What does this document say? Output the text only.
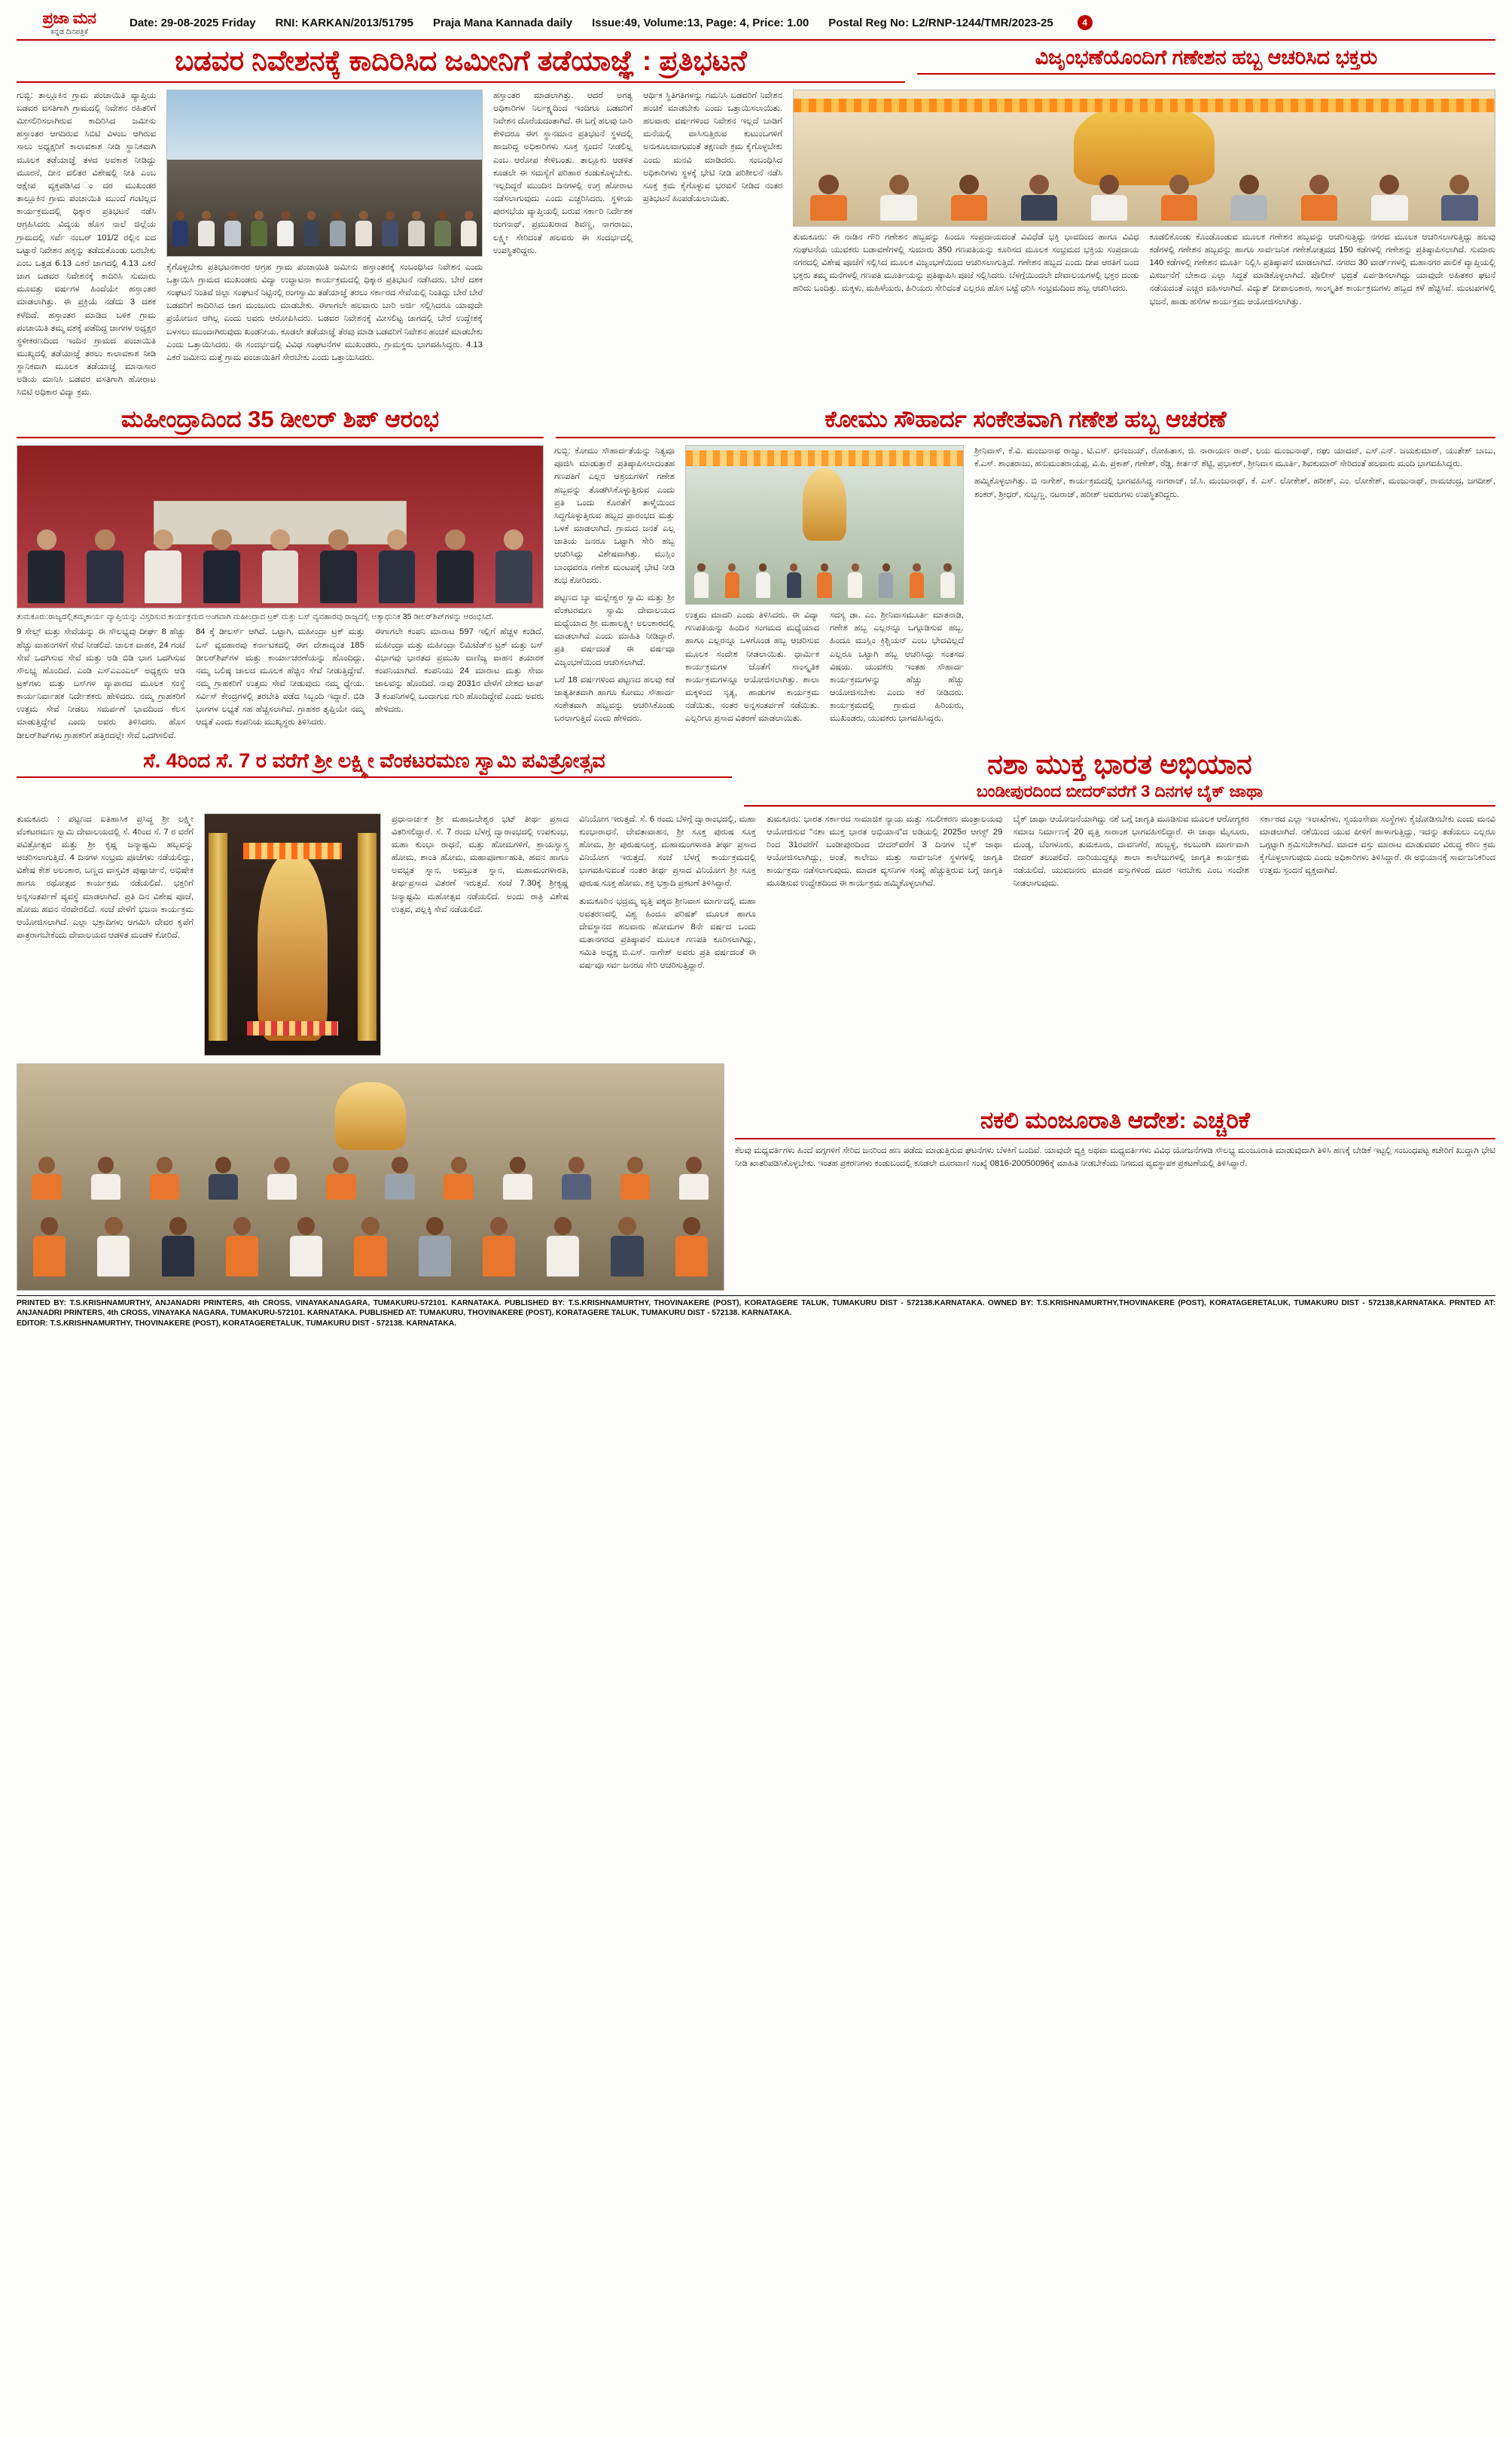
ಪ್ರಜಾ ಮನ
ಕನ್ನಡ ದಿನಪತ್ರಿಕೆ
Date: 29-08-2025 Friday RNI: KARKAN/2013/51795 Praja Mana Kannada daily Issue:49, Volume:13, Page: 4, Price: 1.00 Postal Reg No: L2/RNP-1244/TMR/2023-25	4
ಬಡವರ ನಿವೇಶನಕ್ಕೆ ಕಾದಿರಿಸಿದ ಜಮೀನಿಗೆ ತಡೆಯಾಜ್ಞೆ : ಪ್ರತಿಭಟನೆ	ವಿಜೃಂಭಣೆಯೊಂದಿಗೆ ಗಣೇಶನ ಹಬ್ಬ ಆಚರಿಸಿದ ಭಕ್ತರು
ಗುಬ್ಬಿ: ತಾಲ್ಲೂಕಿನ ಗ್ರಾಮ ಪಂಚಾಯಿತಿ ವ್ಯಾಪ್ತಿಯ ಬಡವರ ವಸತಿಗಾಗಿ ಗ್ರಾಮದಲ್ಲಿ ನಿವೇಶನ ರಹಿತರಿಗೆ ಮೀಸಲಿರಿಸಲಾಗಿರುವ ಕಾದಿರಿಸಿದ ಜಮೀನು ಹಸ್ತಾಂತರ ಆಗದಿರುವ ಸಿಬಿಟಿ ವಿಳಂಬ ಆಗಿರುವ ಸಾಲು ಅಧ್ಯಕ್ಷರಿಗೆ ಕಾಲಾವಕಾಶ ನೀಡಿ ಸ್ಥಾನಿಕವಾಗಿ ಮೂಲಕ ತಡೆಯಾಜ್ಞೆ ತಳದ ಅವಕಾಶ ನೀಡಿದ್ದು ಮೂರನೆ, ದೀನ ದಲಿತರ ವಿಶೇಷಲ್ಲಿ ನೀತಿ ಎಂಬ ಆಕ್ಷೇಪ ವ್ಯಕ್ತಪಡಿಸಿದ ಂದರ ಮುಖಂಡರ ತಾಲ್ಲೂಕಿನ ಗ್ರಾಮ ಪಂಚಾಯಿತಿ ಮುಂದೆ ಗಂಟಿಲ್ಲದ ಕಾರ್ಯಕ್ರಮದಲ್ಲಿ ಧಿಕ್ಕಾರ ಪ್ರತಿಭಟನೆ ನಡೆಸಿ ಆಗ್ರಹಿಸಿದರು ವಿದ್ಯಯ ಹೊಸ ನಾಲೆ ಜಿಲ್ಲೆಯ ಗ್ರಾಮದಲ್ಲಿ ಸರ್ವೆ ನಂಬರ್ 101/2 ರಲ್ಲಿನ ಐದ ಒಟ್ಟಾರೆ ನಿವೇಶನ ಹಕ್ಕನ್ನು ತಡೆದುಕೊಂಡು ಬರಬೇಕು ಎಂಬ ಒತ್ತಡ 6.13 ಎಕರೆ ಜಾಗದಲ್ಲಿ 4.13 ಎಕರೆ ಜಾಗ ಬಡವರ ನಿವೇಶನಕ್ಕೆ ಕಾದಿರಿಸಿ ಸುಮಾರು ಮೂವತ್ತು ವರ್ಷಗಳ ಹಿಂದೆಯೇ ಹಸ್ತಾಂತರ ಮಾಡಲಾಗಿತ್ತು. ಈ ಪ್ರಕ್ರಿಯೆ ನಡೆದು 3 ದಶಕ ಕಳೆದಿದೆ. ಹಸ್ತಾಂತರ ಮಾಡಿದ ಬಳಿಕ ಗ್ರಾಮ ಪಂಚಾಯಿತಿ ತಮ್ಮ ವಶಕ್ಕೆ ಪಡೆದಿದ್ದ ಜಾಗಗಳ ಅಧ್ಯಕ್ಷರ ಸ್ಥಳೀಕರಣದಿಂದ ಇಂದಿನ ಗ್ರಾಮದ ಪಂಚಾಯಿತಿ ಮುಖ್ಯದಲ್ಲಿ ತಡೆಯಾಜ್ಞೆ ತರಲು ಕಾಲಾವಕಾಶ ನೀಡಿ ಸ್ಥಾನಿಕವಾಗಿ ಮೂಲಕ ತಡೆಯಾಜ್ಞೆ ಮಾನಾಸಾರ ಅಡಿಯ ಮಾನಿಸಿ ಬಡವರ ವಸತಿಗಾಗಿ ಹೋರಾಟ ಸಿಬಿಟಿ ಅಧಿಕಾರ ವಿದ್ಯಾ ಕ್ರಮ.
ಕೈಗೊಳ್ಳಬೇಕು ಪ್ರತಿಭಟನಕಾರರ ಆಗ್ರಹ ಗ್ರಾಮ ಪಂಚಾಯಿತಿ ಜಮೀನು ಹಸ್ತಾಂತರಕ್ಕೆ ಸಂಬಂಧಿಸಿದ ನಿವೇಶನ ಎಂದು ಒತ್ತಾಯಿಸಿ ಗ್ರಾಮದ ಮುಖಂಡರು ವಿದ್ಯಾ ಉದ್ದಾಟನಾ ಕಾರ್ಯಕ್ರಮದಲ್ಲಿ ಧಿಕ್ಕಾರ ಪ್ರತಿಭಟನೆ ನಡೆಸಿದರು. ಬೇರೆ ದಶಕ ಸಂಘಟನೆ ನಿಂತಿವೆ ಜಿಲ್ಲಾ ಸಂಘಟನೆ ನಿಟ್ಟಿನಲ್ಲಿ ರಂಗಸ್ವಾಮಿ ತಡೆಯಾಜ್ಞೆ ತರಲು ಸರ್ಕಾರದ ಸೇವೆಯಲ್ಲಿ ನಿಂತಿದ್ದು ಬೇರೆ ಬೇರೆ ಬಡವರಿಗೆ ಕಾದಿರಿಸಿದ ಜಾಗ ಮಂಜೂರು ಮಾಡಬೇಕು. ಈಗಾಗಲೇ ಹಲವಾರು ಬಾರಿ ಅರ್ಜಿ ಸಲ್ಲಿಸಿದರೂ ಯಾವುದೇ ಪ್ರಯೋಜನ ಆಗಿಲ್ಲ ಎಂದು ಅವರು ಆರೋಪಿಸಿದರು. ಬಡವರ ನಿವೇಶನಕ್ಕೆ ಮೀಸಲಿಟ್ಟ ಜಾಗದಲ್ಲಿ ಬೇರೆ ಉದ್ದೇಶಕ್ಕೆ ಬಳಸಲು ಮುಂದಾಗಿರುವುದು ಖಂಡನೀಯ. ಕೂಡಲೇ ತಡೆಯಾಜ್ಞೆ ತೆರವು ಮಾಡಿ ಬಡವರಿಗೆ ನಿವೇಶನ ಹಂಚಿಕೆ ಮಾಡಬೇಕು ಎಂದು ಒತ್ತಾಯಿಸಿದರು. ಈ ಸಂದರ್ಭದಲ್ಲಿ ವಿವಿಧ ಸಂಘಟನೆಗಳ ಮುಖಂಡರು, ಗ್ರಾಮಸ್ಥರು ಭಾಗವಹಿಸಿದ್ದರು. 4.13 ಎಕರೆ ಜಮೀನು ಮತ್ತೆ ಗ್ರಾಮ ಪಂಚಾಯಿತಿಗೆ ಸೇರಬೇಕು ಎಂದು ಒತ್ತಾಯಿಸಿದರು.
ಹಸ್ತಾಂತರ ಮಾಡಲಾಗಿತ್ತು. ಆದರೆ ಅಗತ್ಯ ಅಧಿಕಾರಿಗಳ ನಿರ್ಲಕ್ಷ್ಯದಿಂದ ಇಂದಿಗೂ ಬಡವರಿಗೆ ನಿವೇಶನ ದೊರೆಯದಂತಾಗಿದೆ. ಈ ಬಗ್ಗೆ ಹಲವು ಬಾರಿ ಕೇಳಿದರೂ ಈಗ ಸ್ಥಾನಮಾನ ಪ್ರತಿಭಟನೆ ಸ್ಥಳದಲ್ಲಿ ಹಾಜರಿದ್ದ ಅಧಿಕಾರಿಗಳು ಸೂಕ್ತ ಸ್ಪಂದನೆ ನೀಡಲಿಲ್ಲ ಎಂಬ ಆರೋಪ ಕೇಳಿಬಂತು. ತಾಲ್ಲೂಕು ಆಡಳಿತ ಕೂಡಲೇ ಈ ಸಮಸ್ಯೆಗೆ ಪರಿಹಾರ ಕಂಡುಕೊಳ್ಳಬೇಕು. ಇಲ್ಲದಿದ್ದರೆ ಮುಂದಿನ ದಿನಗಳಲ್ಲಿ ಉಗ್ರ ಹೋರಾಟ ನಡೆಸಲಾಗುವುದು ಎಂದು ಎಚ್ಚರಿಸಿದರು. ಸ್ಥಳೀಯ ಪುರಸಭೆಯ ವ್ಯಾಪ್ತಿಯಲ್ಲಿ ಬರುವ ಸರ್ಕಾರಿ ನಿರ್ದೇಶಕ ರಂಗನಾಥ್, ಪ್ರಮುಖರಾದ ಶಿವಣ್ಣ, ನಾಗರಾಜು, ಲಕ್ಷ್ಮೀ ಸೇರಿದಂತೆ ಹಲವರು ಈ ಸಂದರ್ಭದಲ್ಲಿ ಉಪಸ್ಥಿತರಿದ್ದರು.
ಆರ್ಥಿಕ ಸ್ಥಿತಿಗತಿಗಳನ್ನು ಗಮನಿಸಿ ಬಡವರಿಗೆ ನಿವೇಶನ ಹಂಚಿಕೆ ಮಾಡಬೇಕು ಎಂದು ಒತ್ತಾಯಿಸಲಾಯಿತು. ಹಲವಾರು ವರ್ಷಗಳಿಂದ ನಿವೇಶನ ಇಲ್ಲದೆ ಬಾಡಿಗೆ ಮನೆಯಲ್ಲಿ ವಾಸಿಸುತ್ತಿರುವ ಕುಟುಂಬಗಳಿಗೆ ಅನುಕೂಲವಾಗುವಂತೆ ತಕ್ಷಣವೇ ಕ್ರಮ ಕೈಗೊಳ್ಳಬೇಕು ಎಂದು ಮನವಿ ಮಾಡಿದರು. ಸಂಬಂಧಿಸಿದ ಅಧಿಕಾರಿಗಳು ಸ್ಥಳಕ್ಕೆ ಭೇಟಿ ನೀಡಿ ಪರಿಶೀಲನೆ ನಡೆಸಿ ಸೂಕ್ತ ಕ್ರಮ ಕೈಗೊಳ್ಳುವ ಭರವಸೆ ನೀಡಿದ ನಂತರ ಪ್ರತಿಭಟನೆ ಹಿಂಪಡೆಯಲಾಯಿತು.
ತುಮಕೂರು: ಈ ನಾಡಿನ ಗೌರಿ ಗಣೇಶನ ಹಬ್ಬವನ್ನು ಹಿಂದೂ ಸಂಪ್ರದಾಯದಂತೆ ವಿವಿಧೆಡೆ ಭಕ್ತಿ ಭಾವದಿಂದ ಹಾಗೂ ವಿವಿಧ ಸಂಘಟನೆಯ ಯುವಕರು ಬಡಾವಣೆಗಳಲ್ಲಿ ಸುಮಾರು 350 ಗಣಪತಿಯನ್ನು ಕೂರಿಸದ ಮೂಲಕ ಸಂಭ್ರಮದ ಭಕ್ತಿಯ ಸಂಪ್ರದಾಯ ನಗರದಲ್ಲಿ ವಿಶೇಷ ಪೂಜೆಗೆ ಸಲ್ಲಿಸಿದ ಮೂಲಕ ವಿಜೃಂಭಣೆಯಿಂದ ಆಚರಿಸಲಾಗುತ್ತಿದೆ. ಗಣೇಶನ ಹಬ್ಬದ ಎಂದು ದೀಪ ಆರತಿಗೆ ಬಂದ ಭಕ್ತರು ತಮ್ಮ ಮನೆಗಳಲ್ಲಿ ಗಣಪತಿ ಮೂರ್ತಿಯನ್ನು ಪ್ರತಿಷ್ಠಾಪಿಸಿ ಪೂಜೆ ಸಲ್ಲಿಸಿದರು. ಬೆಳಗ್ಗೆಯಿಂದಲೇ ದೇವಾಲಯಗಳಲ್ಲಿ ಭಕ್ತರ ದಂಡು ಹರಿದು ಬಂದಿತ್ತು. ಮಕ್ಕಳು, ಮಹಿಳೆಯರು, ಹಿರಿಯರು ಸೇರಿದಂತೆ ಎಲ್ಲರೂ ಹೊಸ ಬಟ್ಟೆ ಧರಿಸಿ ಸಂಭ್ರಮದಿಂದ ಹಬ್ಬ ಆಚರಿಸಿದರು.
ಕೂಡಲಿಕೊಂಡು ಕೊಂಡೊಂಡುವ ಮೂಲಕ ಗಣೇಶನ ಹಬ್ಬವನ್ನು ಆಚರಿಸುತ್ತಿದ್ದು ನಗರದ ಮೂಲಕ ಆಚರಿಸಲಾಗುತ್ತಿದ್ದು ಹಲವು ಕಡೆಗಳಲ್ಲಿ ಗಣೇಶನ ಹಬ್ಬವನ್ನು ಹಾಗೂ ಸಾರ್ವಜನಿಕ ಗಣೇಶೋತ್ಸವದ 150 ಕಡೆಗಳಲ್ಲಿ ಗಣೇಶನ್ನು ಪ್ರತಿಷ್ಠಾಪಿಸಲಾಗಿದೆ. ಸುಮಾರು 140 ಕಡೆಗಳಲ್ಲಿ ಗಣೇಶನ ಮೂರ್ತಿ ನಿಲ್ಲಿಸಿ ಪ್ರತಿಷ್ಠಾಪನೆ ಮಾಡಲಾಗಿದೆ. ನಗರದ 30 ವಾರ್ಡ್‌ಗಳಲ್ಲಿ ಮಹಾನಗರ ಪಾಲಿಕೆ ವ್ಯಾಪ್ತಿಯಲ್ಲಿ ವಿಸರ್ಜನೆಗೆ ಬೇಕಾದ ಎಲ್ಲಾ ಸಿದ್ಧತೆ ಮಾಡಿಕೊಳ್ಳಲಾಗಿದೆ. ಪೊಲೀಸ್ ಭದ್ರತೆ ಏರ್ಪಡಿಸಲಾಗಿದ್ದು ಯಾವುದೇ ಅಹಿತಕರ ಘಟನೆ ನಡೆಯದಂತೆ ಎಚ್ಚರ ವಹಿಸಲಾಗಿದೆ. ವಿದ್ಯುತ್ ದೀಪಾಲಂಕಾರ, ಸಾಂಸ್ಕೃತಿಕ ಕಾರ್ಯಕ್ರಮಗಳು ಹಬ್ಬದ ಕಳೆ ಹೆಚ್ಚಿಸಿವೆ. ಮಂಟಪಗಳಲ್ಲಿ ಭಜನೆ, ಹಾಡು ಹಸೆಗಳ ಕಾರ್ಯಕ್ರಮ ಆಯೋಜಿಸಲಾಗಿತ್ತು.
ಮಹೀಂದ್ರಾದಿಂದ 35 ಡೀಲರ್ ಶಿಪ್ ಆರಂಭ	ಕೋಮು ಸೌಹಾರ್ದ ಸಂಕೇತವಾಗಿ ಗಣೇಶ ಹಬ್ಬ ಆಚರಣೆ
ತುಮಕೂರು:ರಾಜ್ಯದಲ್ಲಿತಮ್ಮಕಾರ್ಯ ವ್ಯಾಪ್ತಿಯನ್ನು ವಿಸ್ತರಿಸುವ ಕಾರ್ಯಕ್ರಮದ ಅಂಗವಾಗಿ ಮಹೀಂದ್ರಾದ ಟ್ರಕ್ ಮತ್ತು ಬಸ್ ವ್ಯವಹಾರವು ರಾಜ್ಯದಲ್ಲಿ ಅತ್ಯಾಧುನಿಕ 35 ಡೀಲರ್‌ಶಿಪ್‌ಗಳನ್ನು ಆರಂಭಿಸಿದೆ.
9 ಸೇಲ್ಸ್ ಮತ್ತು ಸೇವೆಯನ್ನು ಈ ಸೌಲಭ್ಯವು ದೀರ್ಘ 8 ಹೆಚ್ಚು ಹೆಚ್ಚು ವಾಹನಗಳಿಗೆ ಸೇವೆ ನೀಡಲಿದೆ. ಚಾಲಕ ವಾಹಕ, 24 ಗಂಟೆ ಸೇವೆ ಒದಗಿಸುವ ಸೇವೆ ಮತ್ತು ಅಡಿ ಬಿಡಿ ಭಾಗ ಒದಗಿಸುವ ಸೌಲಭ್ಯ ಹೊಂದಿದೆ. ಎಂಡಿ ಎಸ್ಎಎಂಎಲ್ ಅಧ್ಯಕ್ಷರು ಆಡಿ ಟ್ರಕ್‌ಗಳು ಮತ್ತು ಬಸ್‌ಗಳ ವ್ಯಾಪಾರದ ಮೂಲಕ ಸಂಸ್ಥೆ ಕಾರ್ಯನಿರ್ವಾಹಕ ನಿರ್ದೇಶಕರು ಹೇಳಿದರು. ನಮ್ಮ ಗ್ರಾಹಕರಿಗೆ ಉತ್ತಮ ಸೇವೆ ನೀಡಲು ಸಮರ್ಪಣೆ ಭಾವದಿಂದ ಕೆಲಸ ಮಾಡುತ್ತಿದ್ದೇವೆ ಎಂದು ಅವರು ತಿಳಿಸಿದರು. ಹೊಸ ಡೀಲರ್‌ಶಿಪ್‌ಗಳು ಗ್ರಾಹಕರಿಗೆ ಹತ್ತಿರದಲ್ಲೇ ಸೇವೆ ಒದಗಿಸಲಿವೆ.
84 ಕ್ಕೆ ಡೀಲರ್ಸ್ ಆಗಿದೆ. ಒಟ್ಟಾಗಿ, ಮಹೀಂದ್ರಾ ಟ್ರಕ್ ಮತ್ತು ಬಸ್ ವ್ಯವಹಾರವು ಕರ್ನಾಟಕದಲ್ಲಿ ಈಗ ದೇಶಾದ್ಯಂತ 185 ಡೀಲರ್‌ಶಿಪ್‌ಗಳ ಮತ್ತು ಕಾರ್ಯಾಚರಣೆಯನ್ನು ಹೊಂದಿದ್ದು, ನಮ್ಮ ಬಲಿಷ್ಠ ಜಾಲದ ಮೂಲಕ ಹೆಚ್ಚಿನ ಸೇವೆ ನೀಡುತ್ತಿದ್ದೇವೆ. ನಮ್ಮ ಗ್ರಾಹಕರಿಗೆ ಉತ್ತಮ ಸೇವೆ ನೀಡುವುದು ನಮ್ಮ ಧ್ಯೇಯ. ಸರ್ವಿಸ್ ಕೇಂದ್ರಗಳಲ್ಲಿ ತರಬೇತಿ ಪಡೆದ ಸಿಬ್ಬಂದಿ ಇದ್ದಾರೆ. ಬಿಡಿ ಭಾಗಗಳ ಲಭ್ಯತೆ ಸಹ ಹೆಚ್ಚಿಸಲಾಗಿದೆ. ಗ್ರಾಹಕರ ತೃಪ್ತಿಯೇ ನಮ್ಮ ಆದ್ಯತೆ ಎಂದು ಕಂಪನಿಯ ಮುಖ್ಯಸ್ಥರು ತಿಳಿಸಿದರು.
ಈಗಾಗಲೇ ಕಂಪನಿ ಮಾರಾಟ 597 ಇಲ್ಲಿಗೆ ಹೆಚ್ಚಳ ಕಂಡಿದೆ. ಮಹೀಂದ್ರಾ ಮತ್ತು ಮಹೀಂದ್ರಾ ಲಿಮಿಟೆಡ್‌ನ ಟ್ರಕ್ ಮತ್ತು ಬಸ್ ವಿಭಾಗವು ಭಾರತದ ಪ್ರಮುಖ ವಾಣಿಜ್ಯ ವಾಹನ ತಯಾರಕ ಕಂಪನಿಯಾಗಿದೆ. ಕಂಪನಿಯು 24 ಮಾರಾಟ ಮತ್ತು ಸೇವಾ ಜಾಲವನ್ನು ಹೊಂದಿದೆ. ನಾವು 2031ರ ವೇಳೆಗೆ ದೇಶದ ಟಾಪ್ 3 ಕಂಪನಿಗಳಲ್ಲಿ ಒಂದಾಗುವ ಗುರಿ ಹೊಂದಿದ್ದೇವೆ ಎಂದು ಅವರು ಹೇಳಿದರು.
ಗುಬ್ಬಿ: ಕೋಮು ಸೌಹಾರ್ದತೆಯನ್ನು ನಿತ್ಯವೂ ಪೂಜಿಸಿ ಮಾಡುತ್ತಾರೆ ಪ್ರತಿಷ್ಠಾಪಿಸಲಾದಂತಹ ಗಣಪತಿಗೆ ಎಲ್ಲರ ಆಶ್ರಯಗಳಿಗೆ ಗಣೇಶ ಹಬ್ಬವನ್ನು ತೊಡಗಿಸಿಕೊಳ್ಳುತ್ತಿರುವ ಎಂದು ಪ್ರತಿ ಒಂದು ಕೊರತೆಗೆ ತಾಳ್ಮೆಯಿಂದ ಸಿದ್ಧಗೊಳ್ಳುತ್ತಿರುವ ಹಬ್ಬದ ಪ್ರಾರಂಭದ ಮತ್ತು ಬಳಕೆ ಮಾಡಲಾಗಿದೆ. ಗ್ರಾಮದ ಜನತೆ ಎಲ್ಲ ಜಾತಿಯ ಜನರೂ ಒಟ್ಟಾಗಿ ಸೇರಿ ಹಬ್ಬ ಆಚರಿಸಿದ್ದು ವಿಶೇಷವಾಗಿತ್ತು. ಮುಸ್ಲಿಂ ಬಾಂಧವರೂ ಗಣೇಶ ಮಂಟಪಕ್ಕೆ ಭೇಟಿ ನೀಡಿ ಶುಭ ಕೋರಿದರು.
ಪಟ್ಟಣದ ಬ್ಯಾ ಮಲ್ಲೇಶ್ವರ ಸ್ವಾಮಿ ಮತ್ತು ಶ್ರೀ ವೆಂಕಟರಮಣ ಸ್ವಾಮಿ ದೇವಾಲಯದ ಮಧ್ಯೆಯಾದ ಶ್ರೀ ಮಹಾಲಕ್ಷ್ಮೀ ಅಲಂಕಾರದಲ್ಲಿ ಮಾಡಲಾಗಿದೆ ಎಂದು ಮಾಹಿತಿ ನೀಡಿದ್ದಾರೆ. ಪ್ರತಿ ವರ್ಷದಂತೆ ಈ ವರ್ಷವೂ ವಿಜೃಂಭಣೆಯಿಂದ ಆಚರಿಸಲಾಗಿದೆ.
ಬರೆ 18 ವರ್ಷಗಳಿಂದ ಪಟ್ಟಣದ ಹಲವು ಕಡೆ ಜಾತ್ಯತೀತವಾಗಿ ಹಾಗೂ ಕೋಮು ಸೌಹಾರ್ದ ಸಂಕೇತವಾಗಿ ಹಬ್ಬವನ್ನು ಆಚರಿಸಿಕೊಂಡು ಬರಲಾಗುತ್ತಿದೆ ಎಂದು ಹೇಳಿದರು.
ಉತ್ತಮ ಮಾದರಿ ಎಂದು ತಿಳಿಸಿದರು. ಈ ವಿದ್ಯಾ ಗಣಪತಿಯನ್ನು ಹಿಂದಿನ ಸಂಗಮದ ಮಧ್ಯೆಯಾದ ಹಾಗೂ ಎಲ್ಲರನ್ನೂ ಒಳಗೊಂಡ ಹಬ್ಬ ಆಚರಿಸುವ ಮೂಲಕ ಸಂದೇಶ ನೀಡಲಾಯಿತು. ಧಾರ್ಮಿಕ ಕಾರ್ಯಕ್ರಮಗಳ ಜೊತೆಗೆ ಸಾಂಸ್ಕೃತಿಕ ಕಾರ್ಯಕ್ರಮಗಳನ್ನೂ ಆಯೋಜಿಸಲಾಗಿತ್ತು. ಶಾಲಾ ಮಕ್ಕಳಿಂದ ನೃತ್ಯ, ಹಾಡುಗಳ ಕಾರ್ಯಕ್ರಮ ನಡೆಯಿತು. ನಂತರ ಅನ್ನಸಂತರ್ಪಣೆ ನಡೆಯಿತು. ಎಲ್ಲರಿಗೂ ಪ್ರಸಾದ ವಿತರಣೆ ಮಾಡಲಾಯಿತು.
ಸದಸ್ಯ ಡಾ. ಎಂ. ಶ್ರೀನಿವಾಸಮೂರ್ತಿ ಮಾತನಾಡಿ, ಗಣೇಶ ಹಬ್ಬ ಎಲ್ಲರನ್ನೂ ಒಗ್ಗೂಡಿಸುವ ಹಬ್ಬ. ಹಿಂದೂ ಮುಸ್ಲಿಂ ಕ್ರಿಶ್ಚಿಯನ್ ಎಂಬ ಭೇದವಿಲ್ಲದೆ ಎಲ್ಲರೂ ಒಟ್ಟಾಗಿ ಹಬ್ಬ ಆಚರಿಸಿದ್ದು ಸಂತಸದ ವಿಷಯ. ಯುವಕರು ಇಂತಹ ಸೌಹಾರ್ದ ಕಾರ್ಯಕ್ರಮಗಳನ್ನು ಹೆಚ್ಚು ಹೆಚ್ಚು ಆಯೋಜಿಸಬೇಕು ಎಂದು ಕರೆ ನೀಡಿದರು. ಕಾರ್ಯಕ್ರಮದಲ್ಲಿ ಗ್ರಾಮದ ಹಿರಿಯರು, ಮುಖಂಡರು, ಯುವಕರು ಭಾಗವಹಿಸಿದ್ದರು.
ಶ್ರೀನಿವಾಸ್, ಕೆ.ವಿ. ಮಂಜುನಾಥ ರಾಜ್ಯು, ಟಿ.ಎಸ್. ಧನಂಜಯ್, ರೋಹಿತಾಸ, ಜಿ. ನಾರಾಯಣ ರಾವ್, ಲಯ ಮಂಜುನಾಥ್, ರಘು ಯಾದವ್, ಎಸ್.ಎನ್. ಜಯಕುಮಾರ್, ಯುತೇಶ್ ಬಾಬು, ಕೆ.ಎಸ್. ಶಾಂತರಾಜು, ಹನುಮಂತರಾಯಪ್ಪ, ವಿ.ಪಿ. ಪ್ರಕಾಶ್, ಗಣೇಶ್, ರೆಡ್ಡಿ, ಕೀರ್ತನ್ ಶೆಟ್ಟಿ, ಪ್ರಭಾಕರ್, ಶ್ರೀನಿವಾಸ ಮೂರ್ತಿ, ಶಿವಕುಮಾರ್ ಸೇರಿದಂತೆ ಹಲವಾರು ಮಂದಿ ಭಾಗವಹಿಸಿದ್ದರು.
ಹಮ್ಮಿಕೊಳ್ಳಲಾಗಿತ್ತು. ಬಿ ನಾಗೇಶ್, ಕಾರ್ಯಕ್ರಮದಲ್ಲಿ ಭಾಗವಹಿಸಿದ್ದ ನಾಗರಾಜ್, ಜೆ.ಸಿ. ಮಂಜುನಾಥ್, ಕೆ. ಎಸ್. ಲೋಕೇಶ್, ಹರೀಶ್, ಎಂ. ಲೋಕೇಶ್, ಮಂಜುನಾಥ್, ರಾಮಚಂದ್ರ, ಜಗದೀಶ್, ಶಂಕರ್, ಶ್ರೀಧರ್, ಸುಬ್ಬಣ್ಣ, ನಟರಾಜ್, ಹರೀಶ್ ಅವರುಗಳು ಉಪಸ್ಥಿತರಿದ್ದರು.
ಸೆ. 4ರಿಂದ ಸೆ. 7 ರ ವರೆಗೆ ಶ್ರೀ ಲಕ್ಷ್ಮೀ ವೆಂಕಟರಮಣ ಸ್ವಾಮಿ ಪವಿತ್ರೋತ್ಸವ	ನಶಾ ಮುಕ್ತ ಭಾರತ ಅಭಿಯಾನ
ಬಂಡೀಪುರದಿಂದ ಬೀದರ್‌ವರೆಗೆ 3 ದಿನಗಳ ಬೈಕ್ ಜಾಥಾ
ತುಮಕೂರು : ಪಟ್ಟಣದ ಐತಿಹಾಸಿಕ ಪ್ರಸಿದ್ಧ ಶ್ರೀ ಲಕ್ಷ್ಮೀ ವೆಂಕಟರಮಣ ಸ್ವಾಮಿ ದೇವಾಲಯದಲ್ಲಿ ಸೆ. 4ರಿಂದ ಸೆ. 7 ರ ವರೆಗೆ ಪವಿತ್ರೋತ್ಸವ ಮತ್ತು ಶ್ರೀ ಕೃಷ್ಣ ಜನ್ಮಾಷ್ಟಮಿ ಹಬ್ಬವನ್ನು ಆಚರಿಸಲಾಗುತ್ತಿದೆ. 4 ದಿನಗಳ ಸಂಭ್ರಮ ಪೂಜೆಗಳು ನಡೆಯಲಿದ್ದು, ವಿಶೇಷ ಕೇಶ ಅಲಂಕಾರ, ಬಣ್ಣದ ವಾಸ್ತವಿಕ ಪುಷ್ಪಾರ್ಚನೆ, ಅಭಿಷೇಕ ಹಾಗೂ ರಥೋತ್ಸವ ಕಾರ್ಯಕ್ರಮ ನಡೆಯಲಿದೆ. ಭಕ್ತರಿಗೆ ಅನ್ನಸಂತರ್ಪಣೆ ವ್ಯವಸ್ಥೆ ಮಾಡಲಾಗಿದೆ. ಪ್ರತಿ ದಿನ ವಿಶೇಷ ಪೂಜೆ, ಹೋಮ ಹವನ ನೆರವೇರಲಿದೆ. ಸಂಜೆ ವೇಳೆಗೆ ಭಜನಾ ಕಾರ್ಯಕ್ರಮ ಆಯೋಜಿಸಲಾಗಿದೆ. ಎಲ್ಲಾ ಭಕ್ತಾದಿಗಳು ಆಗಮಿಸಿ ದೇವರ ಕೃಪೆಗೆ ಪಾತ್ರರಾಗಬೇಕೆಂದು ದೇವಾಲಯದ ಆಡಳಿತ ಮಂಡಳಿ ಕೋರಿದೆ.
ಪ್ರಧಾನಾರ್ಚಕ ಶ್ರೀ ಮಹಾಬಲೇಶ್ವರ ಭಟ್ ತೀರ್ಥ ಪ್ರಸಾದ ವಿತರಿಸಲಿದ್ದಾರೆ. ಸೆ. 7 ರಂದು ಬೆಳಗ್ಗೆ ದ್ವಾರಾಂಭದಲ್ಲಿ ಉಪಕುಂಭ, ಮಹಾ ಕುಂಭಾ ರಾಧನೆ, ಮತ್ತು ಹೋಮಗಳಿಗೆ, ಶ್ರಾಯಸ್ವಾಸ್ತ್ರ ಹೋಮ, ಶಾಂತಿ ಹೋಮ, ಮಹಾಪೂರ್ಣಾಹುತಿ, ಹವನ ಹಾಗೂ ಅವಭೃತ ಸ್ನಾನ, ಅವಬ್ರುತ ಸ್ನಾನ, ಮಹಾಮಂಗಳಾರತಿ, ತೀರ್ಥಪ್ರಸಾದ ವಿತರಣೆ ಇರುತ್ತದೆ. ಸಂಜೆ 7.30ಕ್ಕೆ ಶ್ರೀಕೃಷ್ಣ ಜನ್ಮಾಷ್ಟಮಿ ಮಹೋತ್ಸವ ನಡೆಯಲಿದೆ. ಅಂದು ರಾತ್ರಿ ವಿಶೇಷ ಉತ್ಸವ, ಪಲ್ಲಕ್ಕಿ ಸೇವೆ ನಡೆಯಲಿದೆ.
ವಿನಿಯೋಗ ಇರುತ್ತದೆ. ಸೆ. 6 ರಂದು ಬೆಳಿಗ್ಗೆ ದ್ವಾರಾಂಭದಲ್ಲಿ, ಮಹಾ ಕುಂಭಾರಾಧನೆ, ದೇವತಾವಾಹನ, ಶ್ರೀ ಸೂಕ್ತ ಪುರುಷ ಸೂಕ್ತ ಹೋಮ, ಶ್ರೀ ಪುರುಷಸೂಕ್ತ, ಮಹಾಮಂಗಳಾರತಿ ತೀರ್ಥ ಪ್ರಸಾದ ವಿನಿಯೋಗ ಇರುತ್ತದೆ. ಸಂಜೆ ಬೆಳಗ್ಗೆ ಕಾರ್ಯಕ್ರಮದಲ್ಲಿ ಭಾಗವಹಿಸುವಂತೆ ನಂತರ ತೀರ್ಥ ಪ್ರಸಾದ ವಿನಿಯೋಗ ಶ್ರೀ ಸೂಕ್ತ ಪುರುಷ ಸೂಕ್ತ ಹೋಮ, ಶಕ್ತಿ ಭಕ್ತಾದಿ ಪ್ರಕಟಣೆ ತಿಳಿಸಿದ್ದಾರೆ.
ತುಮಕೂರಿನ ಭದ್ರಮ್ಮ ವೃತ್ತಿ ಪಕ್ಕದ ಶ್ರೀನಿವಾಸ ಮಾರ್ಗದಲ್ಲಿ ಮಹಾ ಅವತರಣದಲ್ಲಿ ವಿಶ್ವ ಹಿಂದೂ ಪರಿಷತ್ ಮೂಲಕ ಹಾಗೂ ದೇವಸ್ಥಾನದ ಹಲವಾರು ಹೋಮಗಳ 8ನೇ ವರ್ಷದ ಒಂದು ಮತಾನಗರದ ಪ್ರತಿಷ್ಠಾಪನೆ ಮೂಲಕ ಗಣಪತಿ ಕೂರಿಸಲಾಗಿದ್ದು, ಸಮಿತಿ ಅಧ್ಯಕ್ಷ ಬಿ.ಎಸ್. ನಾಗೇಶ್ ಅವರು ಪ್ರತಿ ವರ್ಷದಂತೆ ಈ ವರ್ಷವೂ ಸರ್ವ ಜನರೂ ಸೇರಿ ಆಚರಿಸುತ್ತಿದ್ದಾರೆ.
ತುಮಕೂರು: ಭಾರತ ಸರ್ಕಾರದ ಸಾಮಾಜಿಕ ನ್ಯಾಯ ಮತ್ತು ಸಬಲೀಕರಣ ಮಂತ್ರಾಲಯವು ಆಯೋಜಿಸುವ "ನಶಾ ಮುಕ್ತ ಭಾರತ ಅಭಿಯಾನ"ದ ಅಡಿಯಲ್ಲಿ 2025ರ ಆಗಸ್ಟ್ 29 ರಿಂದ 31ರವರೆಗೆ ಬಂಡೀಪುರದಿಂದ ಬೀದರ್‌ವರೆಗೆ 3 ದಿನಗಳ ಬೈಕ್ ಜಾಥಾ ಆಯೋಜಿಸಲಾಗಿದ್ದು, ಅಂತೆ, ಕಾಲೇಜು ಮತ್ತು ಸಾರ್ವಜನಿಕ ಸ್ಥಳಗಳಲ್ಲಿ ಜಾಗೃತಿ ಕಾರ್ಯಕ್ರಮ ನಡೆಸಲಾಗುವುದು. ಮಾದಕ ವ್ಯಸನಿಗಳ ಸಂಖ್ಯೆ ಹೆಚ್ಚುತ್ತಿರುವ ಬಗ್ಗೆ ಜಾಗೃತಿ ಮೂಡಿಸುವ ಉದ್ದೇಶದಿಂದ ಈ ಕಾರ್ಯಕ್ರಮ ಹಮ್ಮಿಕೊಳ್ಳಲಾಗಿದೆ.
ಬೈಕ್ ಜಾಥಾ ಆಯೋಜನೆಯಾಗಿದ್ದು ನಶೆ ಬಗ್ಗೆ ಜಾಗೃತಿ ಮೂಡಿಸುವ ಮೂಲಕ ಆರೋಗ್ಯಕರ ಸಮಾಜ ನಿರ್ಮಾಣಕ್ಕೆ 20 ವೃತ್ತಿ ಸಾರಾಂಶ ಭಾಗವಹಿಸಲಿದ್ದಾರೆ. ಈ ಜಾಥಾ ಮೈಸೂರು, ಮಂಡ್ಯ, ಬೆಂಗಳೂರು, ತುಮಕೂರು, ದಾವಣಗೆರೆ, ಹುಬ್ಬಳ್ಳಿ, ಕಲಬುರಗಿ ಮಾರ್ಗವಾಗಿ ಬೀದರ್ ತಲುಪಲಿದೆ. ದಾರಿಯುದ್ದಕ್ಕೂ ಶಾಲಾ ಕಾಲೇಜುಗಳಲ್ಲಿ ಜಾಗೃತಿ ಕಾರ್ಯಕ್ರಮ ನಡೆಯಲಿದೆ. ಯುವಜನರು ಮಾದಕ ವಸ್ತುಗಳಿಂದ ದೂರ ಇರಬೇಕು ಎಂಬ ಸಂದೇಶ ನೀಡಲಾಗುವುದು.
ಸರ್ಕಾರದ ಎಲ್ಲಾ ಇಲಾಖೆಗಳು, ಸ್ವಯಂಸೇವಾ ಸಂಸ್ಥೆಗಳು ಕೈಜೋಡಿಸಬೇಕು ಎಂದು ಮನವಿ ಮಾಡಲಾಗಿದೆ. ನಶೆಯಿಂದ ಯುವ ಪೀಳಿಗೆ ಹಾಳಾಗುತ್ತಿದ್ದು, ಇದನ್ನು ತಡೆಯಲು ಎಲ್ಲರೂ ಒಗ್ಗಟ್ಟಾಗಿ ಶ್ರಮಿಸಬೇಕಾಗಿದೆ. ಮಾದಕ ವಸ್ತು ಮಾರಾಟ ಮಾಡುವವರ ವಿರುದ್ಧ ಕಠಿಣ ಕ್ರಮ ಕೈಗೊಳ್ಳಲಾಗುವುದು ಎಂದು ಅಧಿಕಾರಿಗಳು ತಿಳಿಸಿದ್ದಾರೆ. ಈ ಅಭಿಯಾನಕ್ಕೆ ಸಾರ್ವಜನಿಕರಿಂದ ಉತ್ತಮ ಸ್ಪಂದನೆ ವ್ಯಕ್ತವಾಗಿದೆ.
ನಕಲಿ ಮಂಜೂರಾತಿ ಆದೇಶ: ಎಚ್ಚರಿಕೆ
ಕೆಲವು ಮಧ್ಯವರ್ತಿಗಳು ಹಿಂದೆ ವಗ್ಗಗಳಿಗೆ ಸೇರಿದ ಜನರಿಂದ ಹಣ ಪಡೆದು ಮಾಡುತ್ತಿರುವ ಘಟನೆಗಳು ಬೆಳಕಿಗೆ ಬಂದಿವೆ. ಯಾವುದೇ ವ್ಯಕ್ತಿ ಅಥವಾ ಮಧ್ಯವರ್ತಿಗಳು ವಿವಿಧ ಯೋಜನೆಗಳಡಿ ಸೌಲಭ್ಯ ಮಂಜೂರಾತಿ ಮಾಡುವುದಾಗಿ ತಿಳಿಸಿ ಹಣಕ್ಕೆ ಬೇಡಿಕೆ ಇಟ್ಟಲ್ಲಿ ಸಂಬಂಧಪಟ್ಟ ಕಚೇರಿಗೆ ಖುದ್ದಾಗಿ ಭೇಟಿ ನೀಡಿ ಖಾತರಿಪಡಿಸಿಕೊಳ್ಳಬೇಕು. ಇಂತಹ ಪ್ರಕರಣಗಳು ಕಂಡುಬಂದಲ್ಲಿ ಕೂಡಲೇ ದೂರವಾಣಿ ಸಂಖ್ಯೆ 0816-20050096ಕ್ಕೆ ಮಾಹಿತಿ ನೀಡಬೇಕೆಂದು ನಿಗಮದ ವ್ಯವಸ್ಥಾಪಕ ಪ್ರಕಟಣೆಯಲ್ಲಿ ತಿಳಿಸಿದ್ದಾರೆ.
PRINTED BY: T.S.KRISHNAMURTHY, ANJANADRI PRINTERS, 4th CROSS, VINAYAKANAGARA, TUMAKURU-572101. KARNATAKA. PUBLISHED BY: T.S.KRISHNAMURTHY, THOVINAKERE (POST), KORATAGERE TALUK, TUMAKURU DIST - 572138.KARNATAKA. OWNED BY: T.S.KRISHNAMURTHY,THOVINAKERE (POST), KORATAGERETALUK, TUMAKURU DIST - 572138,KARNATAKA. PRNTED AT: ANJANADRI PRINTERS, 4th CROSS, VINAYAKA NAGARA, TUMAKURU-572101. KARNATAKA. PUBLISHED AT: TUMAKURU, THOVINAKERE (POST), KORATAGERE TALUK, TUMAKURU DIST - 572138. KARNATAKA.
EDITOR: T.S.KRISHNAMURTHY, THOVINAKERE (POST), KORATAGERETALUK, TUMAKURU DIST - 572138. KARNATAKA.
